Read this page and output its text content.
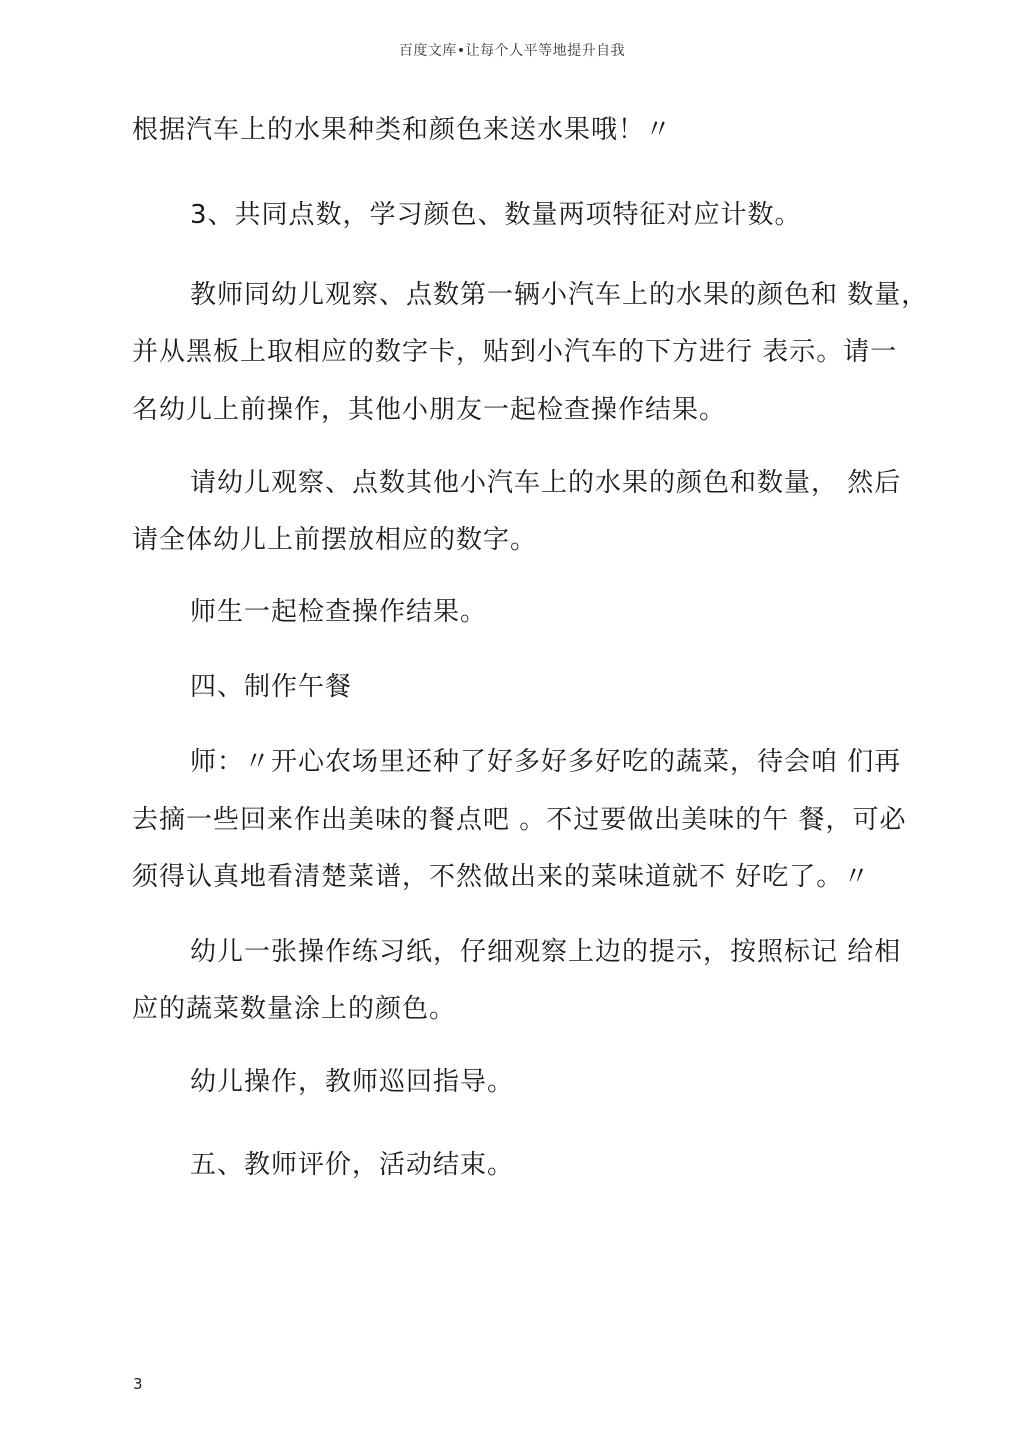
百度文库•让每个人平等地提升自我
根据汽车上的水果种类和颜色来送水果哦！〃
3、共同点数，学习颜色、数量两项特征对应计数。
教师同幼儿观察、点数第一辆小汽车上的水果的颜色和 数量，
并从黑板上取相应的数字卡，贴到小汽车的下方进行 表示。请一
名幼儿上前操作，其他小朋友一起检查操作结果。
请幼儿观察、点数其他小汽车上的水果的颜色和数量， 然后
请全体幼儿上前摆放相应的数字。
师生一起检查操作结果。
四、制作午餐
师：〃开心农场里还种了好多好多好吃的蔬菜，待会咱 们再
去摘一些回来作出美味的餐点吧 。不过要做出美味的午 餐，可必
须得认真地看清楚菜谱，不然做出来的菜味道就不 好吃了。〃
幼儿一张操作练习纸，仔细观察上边的提示，按照标记 给相
应的蔬菜数量涂上的颜色。
幼儿操作，教师巡回指导。
五、教师评价，活动结束。
3
